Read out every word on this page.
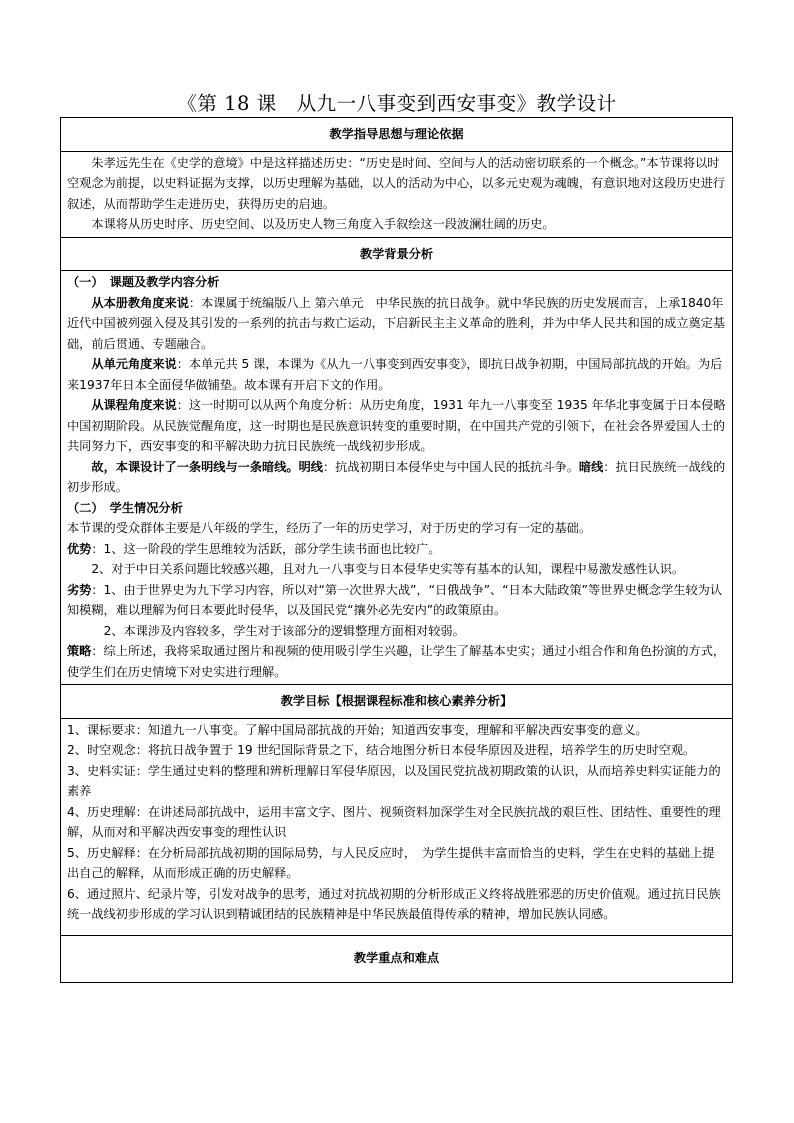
《第 18 课　从九一八事变到西安事变》教学设计
教学指导思想与理论依据

朱孝远先生在《史学的意境》中是这样描述历史：“历史是时间、空间与人的活动密切联系的一个概念。”本节课将以时空观念为前提，以史料证据为支撑，以历史理解为基础，以人的活动为中心，以多元史观为魂魄，有意识地对这段历史进行叙述，从而帮助学生走进历史，获得历史的启迪。

本课将从历史时序、历史空间、以及历史人物三角度入手叙绘这一段波澜壮阔的历史。

教学背景分析

（一）　课题及教学内容分析

从本册教角度来说：本课属于统编版八上 第六单元　中华民族的抗日战争。就中华民族的历史发展而言，上承1840年近代中国被列强入侵及其引发的一系列的抗击与救亡运动，下启新民主主义革命的胜利，并为中华人民共和国的成立奠定基础，前后贯通、专题融合。

从单元角度来说：本单元共 5 课，本课为《从九一八事变到西安事变》，即抗日战争初期，中国局部抗战的开始。为后来1937年日本全面侵华做铺垫。故本课有开启下文的作用。

从课程角度来说：这一时期可以从两个角度分析：从历史角度，1931 年九一八事变至 1935 年华北事变属于日本侵略中国初期阶段。从民族觉醒角度，这一时期也是民族意识转变的重要时期，在中国共产党的引领下，在社会各界爱国人士的共同努力下，西安事变的和平解决助力抗日民族统一战线初步形成。

故，本课设计了一条明线与一条暗线。明线：抗战初期日本侵华史与中国人民的抵抗斗争。暗线：抗日民族统一战线的初步形成。

（二）　学生情况分析

本节课的受众群体主要是八年级的学生，经历了一年的历史学习，对于历史的学习有一定的基础。

优势：1、这一阶段的学生思维较为活跃，部分学生读书面也比较广。

2、对于中日关系问题比较感兴趣，且对九一八事变与日本侵华史实等有基本的认知，课程中易激发感性认识。

劣势：1、由于世界史为九下学习内容，所以对“第一次世界大战”，“日俄战争”、“日本大陆政策”等世界史概念学生较为认知模糊，难以理解为何日本要此时侵华，以及国民党“攘外必先安内”的政策原由。

2、本课涉及内容较多，学生对于该部分的逻辑整理方面相对较弱。

策略：综上所述，我将采取通过图片和视频的使用吸引学生兴趣，让学生了解基本史实；通过小组合作和角色扮演的方式，使学生们在历史情境下对史实进行理解。

教学目标【根据课程标准和核心素养分析】

1、课标要求：知道九一八事变。了解中国局部抗战的开始；知道西安事变，理解和平解决西安事变的意义。

2、时空观念：将抗日战争置于 19 世纪国际背景之下，结合地图分析日本侵华原因及进程，培养学生的历史时空观。

3、史料实证：学生通过史料的整理和辨析理解日军侵华原因，以及国民党抗战初期政策的认识，从而培养史料实证能力的素养

4、历史理解：在讲述局部抗战中，运用丰富文字、图片、视频资料加深学生对全民族抗战的艰巨性、团结性、重要性的理解，从而对和平解决西安事变的理性认识

5、历史解释：在分析局部抗战初期的国际局势，与人民反应时，　为学生提供丰富而恰当的史料，学生在史料的基础上提出自己的解释，从而形成正确的历史解释。

6、通过照片、纪录片等，引发对战争的思考，通过对抗战初期的分析形成正义终将战胜邪恶的历史价值观。通过抗日民族统一战线初步形成的学习认识到精诚团结的民族精神是中华民族最值得传承的精神，增加民族认同感。

教学重点和难点
